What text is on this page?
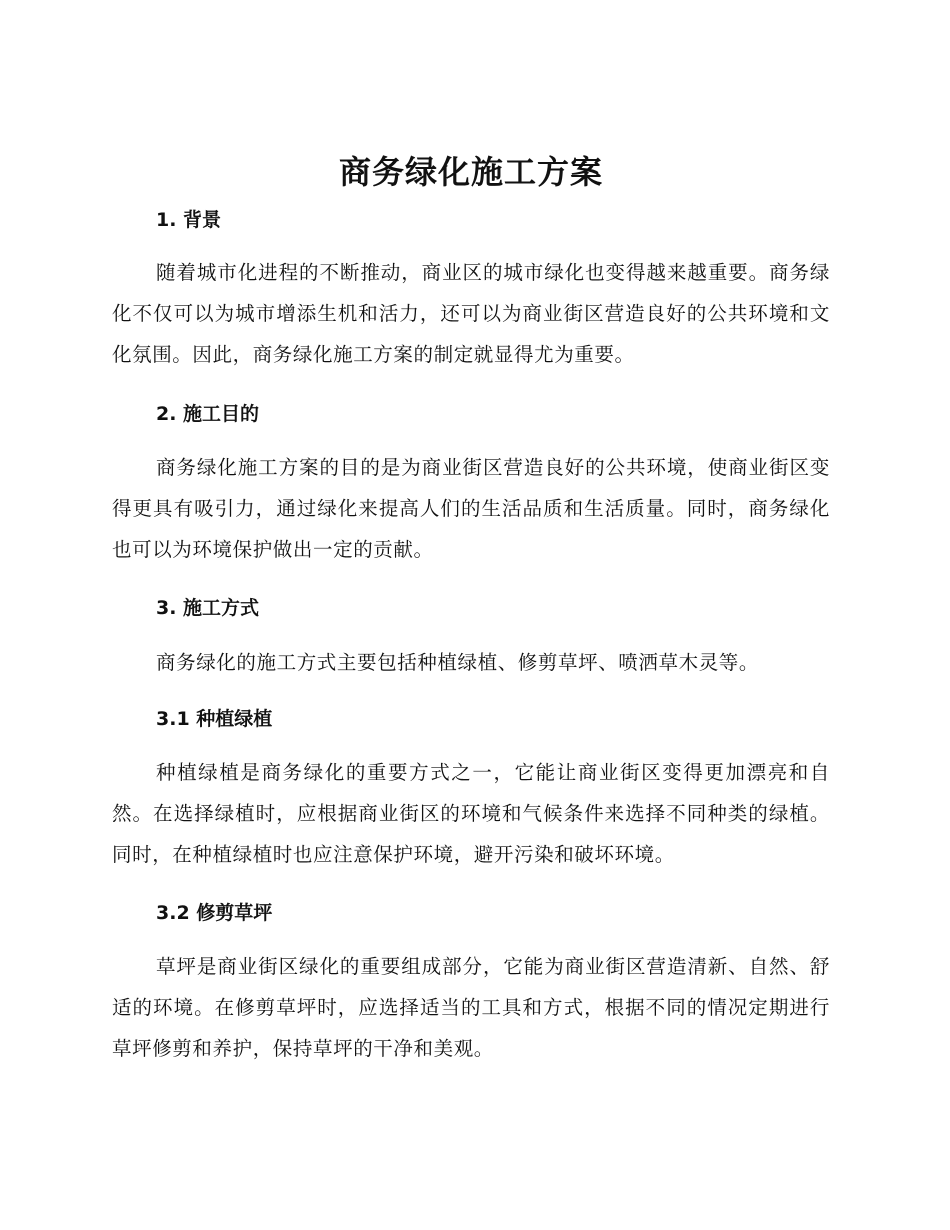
商务绿化施工方案
1. 背景

随着城市化进程的不断推动，商业区的城市绿化也变得越来越重要。商务绿化不仅可以为城市增添生机和活力，还可以为商业街区营造良好的公共环境和文化氛围。因此，商务绿化施工方案的制定就显得尤为重要。

2. 施工目的

商务绿化施工方案的目的是为商业街区营造良好的公共环境，使商业街区变得更具有吸引力，通过绿化来提高人们的生活品质和生活质量。同时，商务绿化也可以为环境保护做出一定的贡献。

3. 施工方式

商务绿化的施工方式主要包括种植绿植、修剪草坪、喷洒草木灵等。

3.1 种植绿植

种植绿植是商务绿化的重要方式之一，它能让商业街区变得更加漂亮和自然。在选择绿植时，应根据商业街区的环境和气候条件来选择不同种类的绿植。同时，在种植绿植时也应注意保护环境，避开污染和破坏环境。

3.2 修剪草坪

草坪是商业街区绿化的重要组成部分，它能为商业街区营造清新、自然、舒适的环境。在修剪草坪时，应选择适当的工具和方式，根据不同的情况定期进行草坪修剪和养护，保持草坪的干净和美观。
